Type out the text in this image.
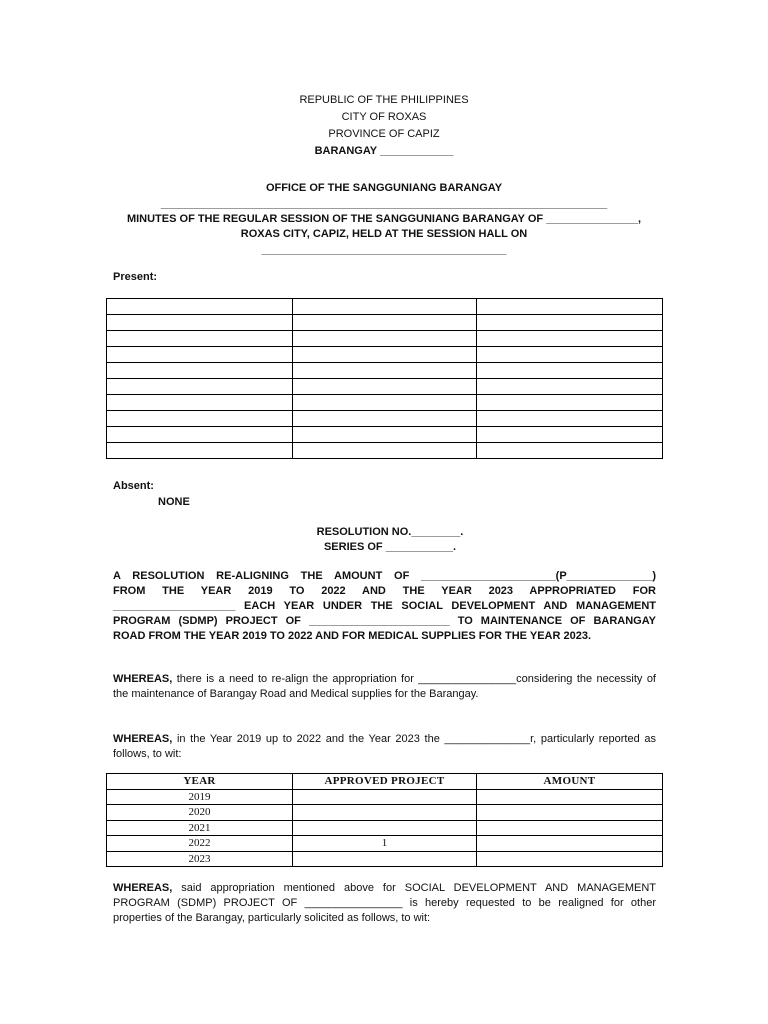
REPUBLIC OF THE PHILIPPINES
CITY OF ROXAS
PROVINCE OF CAPIZ
BARANGAY ____________
OFFICE OF THE SANGGUNIANG BARANGAY
_________________________________________________________________________
MINUTES OF THE REGULAR SESSION OF THE SANGGUNIANG BARANGAY OF _______________,
ROXAS CITY, CAPIZ, HELD AT THE SESSION HALL ON
________________________________________
Present:

Absent:
NONE
RESOLUTION NO.________.
SERIES OF ___________.
A RESOLUTION RE-ALIGNING THE AMOUNT OF ______________________(P______________)
FROM THE YEAR 2019 TO 2022 AND THE YEAR 2023 APPROPRIATED FOR
____________________ EACH YEAR UNDER THE SOCIAL DEVELOPMENT AND MANAGEMENT
PROGRAM (SDMP) PROJECT OF _______________________ TO MAINTENANCE OF BARANGAY
ROAD FROM THE YEAR 2019 TO 2022 AND FOR MEDICAL SUPPLIES FOR THE YEAR 2023.
WHEREAS, there is a need to re-align the appropriation for ________________considering the necessity of the maintenance of Barangay Road and Medical supplies for the Barangay.
WHEREAS, in the Year 2019 up to 2022 and the Year 2023 the ______________r, particularly reported as follows, to wit:
YEAR	APPROVED PROJECT	AMOUNT
2019		
2020		
2021		
2022	1	
2023		
WHEREAS, said appropriation mentioned above for SOCIAL DEVELOPMENT AND MANAGEMENT PROGRAM (SDMP) PROJECT OF ________________ is hereby requested to be realigned for other properties of the Barangay, particularly solicited as follows, to wit:
